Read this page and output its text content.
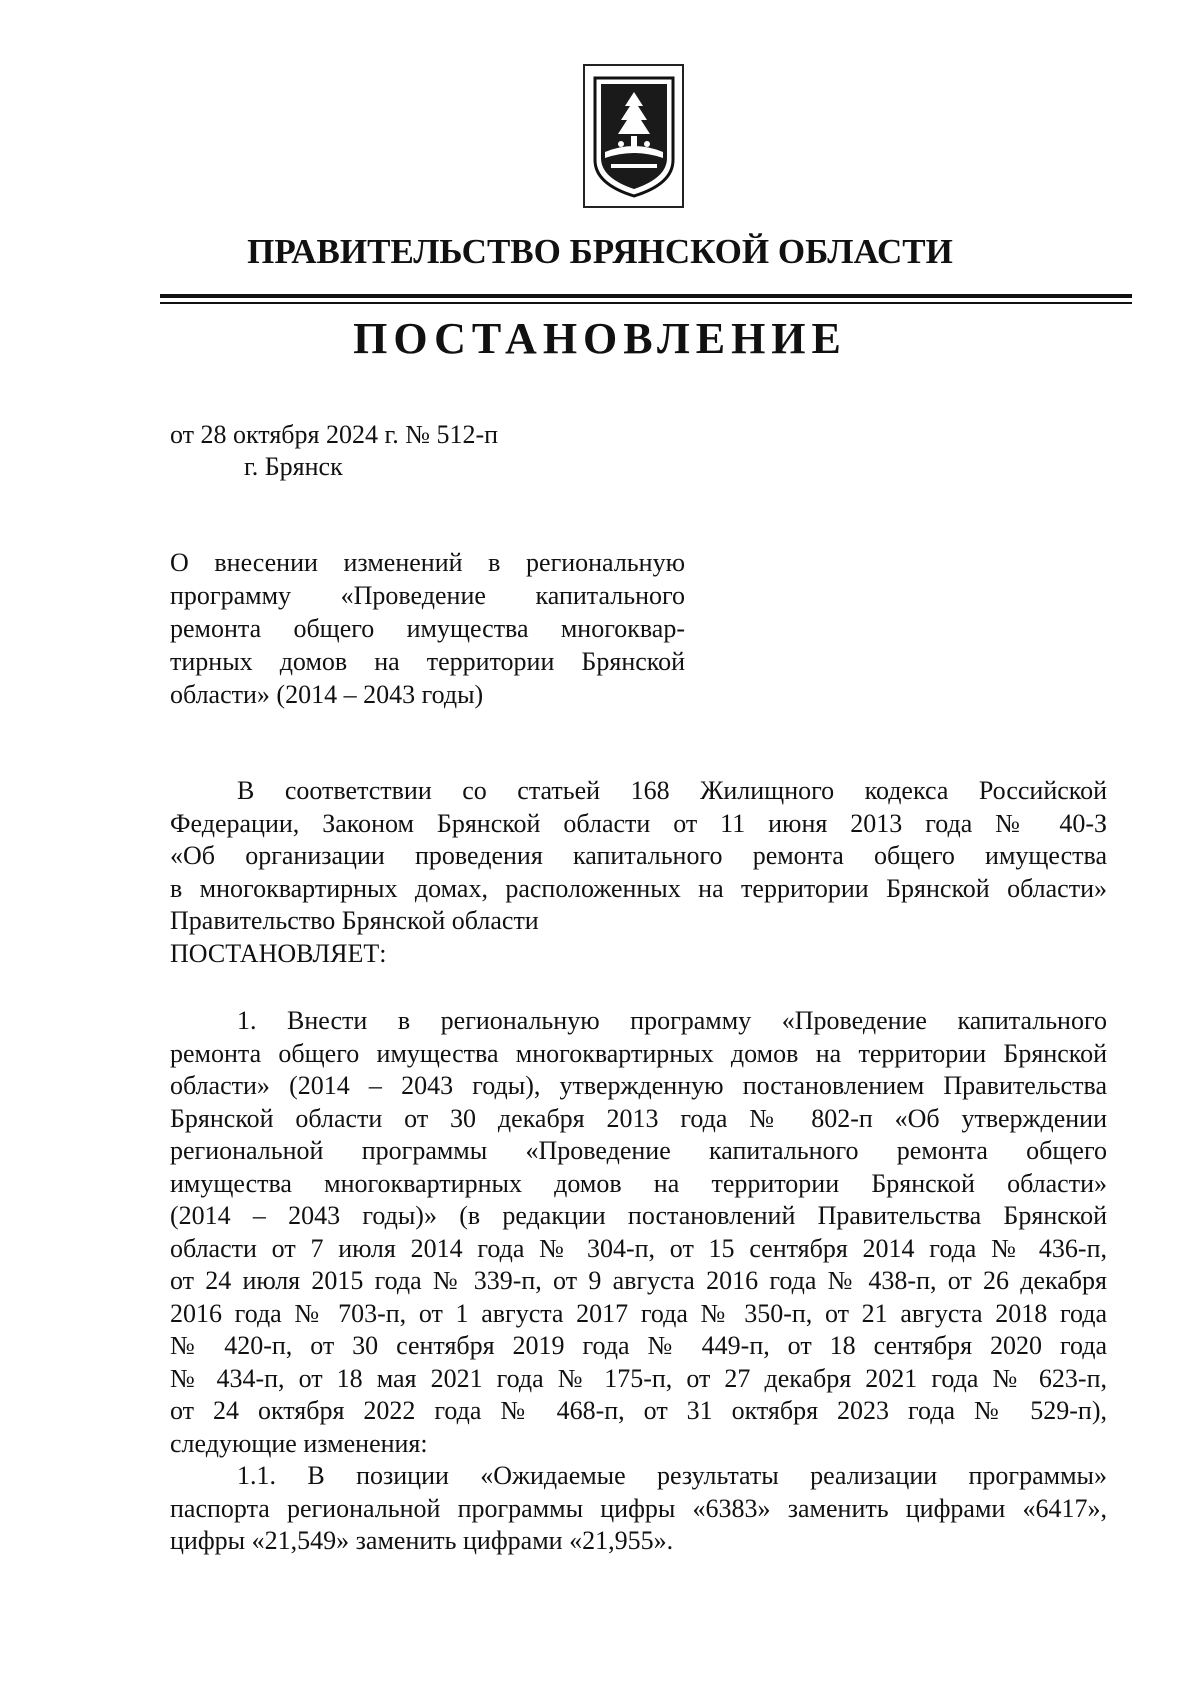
ПРАВИТЕЛЬСТВО БРЯНСКОЙ ОБЛАСТИ
ПОСТАНОВЛЕНИЕ
от 28 октября 2024 г. № 512-п
г. Брянск
О внесении изменений в региональную
программу «Проведение капитального
ремонта общего имущества многоквар-
тирных домов на территории Брянской
области» (2014 – 2043 годы)
В соответствии со статьей 168 Жилищного кодекса Российской
Федерации, Законом Брянской области от 11 июня 2013 года № 40-З
«Об организации проведения капитального ремонта общего имущества
в многоквартирных домах, расположенных на территории Брянской области»
Правительство Брянской области
ПОСТАНОВЛЯЕТ:
1. Внести в региональную программу «Проведение капитального
ремонта общего имущества многоквартирных домов на территории Брянской
области» (2014 – 2043 годы), утвержденную постановлением Правительства
Брянской области от 30 декабря 2013 года № 802-п «Об утверждении
региональной программы «Проведение капитального ремонта общего
имущества многоквартирных домов на территории Брянской области»
(2014 – 2043 годы)» (в редакции постановлений Правительства Брянской
области от 7 июля 2014 года № 304-п, от 15 сентября 2014 года № 436-п,
от 24 июля 2015 года № 339-п, от 9 августа 2016 года № 438-п, от 26 декабря
2016 года № 703-п, от 1 августа 2017 года № 350-п, от 21 августа 2018 года
№ 420-п, от 30 сентября 2019 года № 449-п, от 18 сентября 2020 года
№ 434-п, от 18 мая 2021 года № 175-п, от 27 декабря 2021 года № 623-п,
от 24 октября 2022 года № 468-п, от 31 октября 2023 года № 529-п),
следующие изменения:
1.1. В позиции «Ожидаемые результаты реализации программы»
паспорта региональной программы цифры «6383» заменить цифрами «6417»,
цифры «21,549» заменить цифрами «21,955».
